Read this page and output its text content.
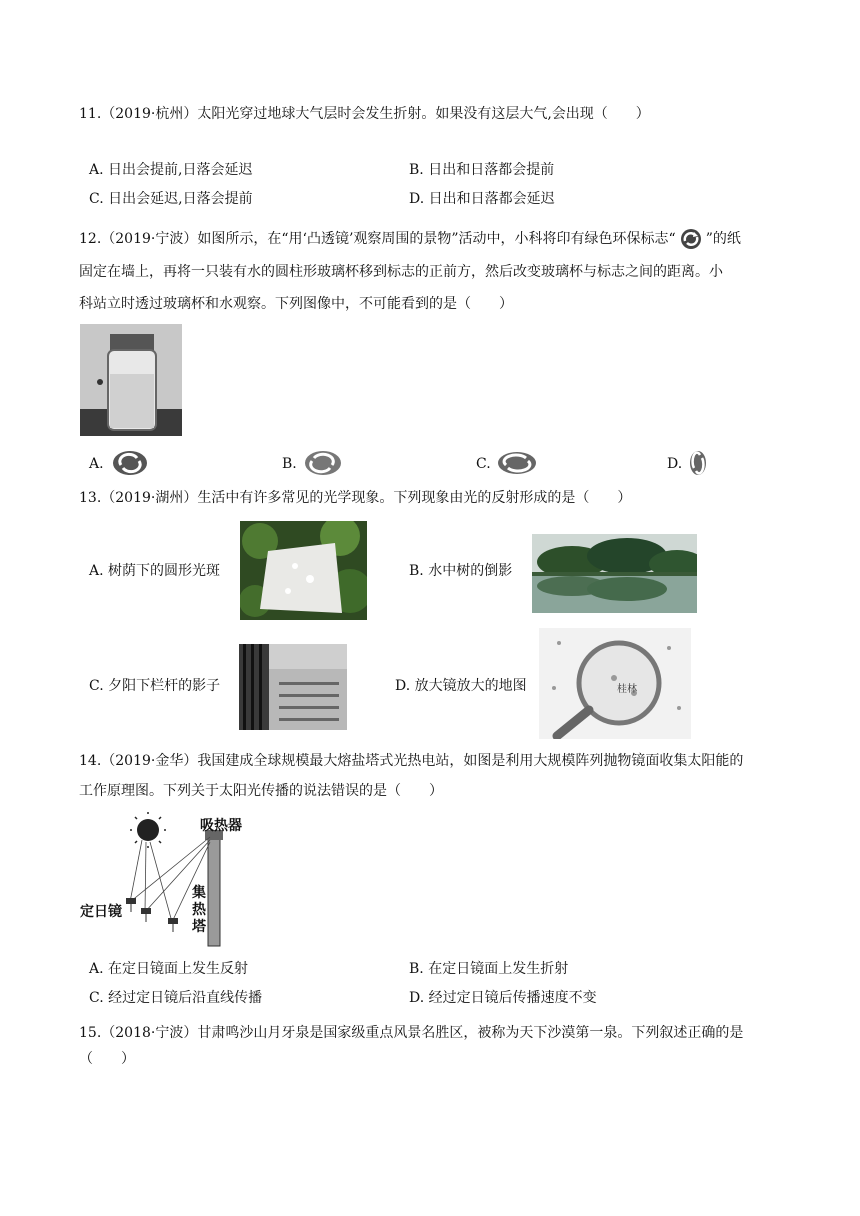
11.（2019·杭州）太阳光穿过地球大气层时会发生折射。如果没有这层大气,会出现（　　）
A. 日出会提前,日落会延迟	B. 日出和日落都会提前
C. 日出会延迟,日落会提前	D. 日出和日落都会延迟
12.（2019·宁波）如图所示，在“用‘凸透镜’观察周围的景物”活动中，小科将印有绿色环保标志“ ”的纸
固定在墙上，再将一只装有水的圆柱形玻璃杯移到标志的正前方，然后改变玻璃杯与标志之间的距离。小
科站立时透过玻璃杯和水观察。下列图像中，不可能看到的是（　　）
A.	B.	C.	D.
13.（2019·湖州）生活中有许多常见的光学现象。下列现象由光的反射形成的是（　　）
A. 树荫下的圆形光斑	B. 水中树的倒影
C. 夕阳下栏杆的影子	D. 放大镜放大的地图	桂林
14.（2019·金华）我国建成全球规模最大熔盐塔式光热电站，如图是利用大规模阵列抛物镜面收集太阳能的
工作原理图。下列关于太阳光传播的说法错误的是（　　）
吸热器
定日镜
集
热
塔
A. 在定日镜面上发生反射	B. 在定日镜面上发生折射
C. 经过定日镜后沿直线传播	D. 经过定日镜后传播速度不变
15.（2018·宁波）甘肃鸣沙山月牙泉是国家级重点风景名胜区，被称为天下沙漠第一泉。下列叙述正确的是
（　　）
